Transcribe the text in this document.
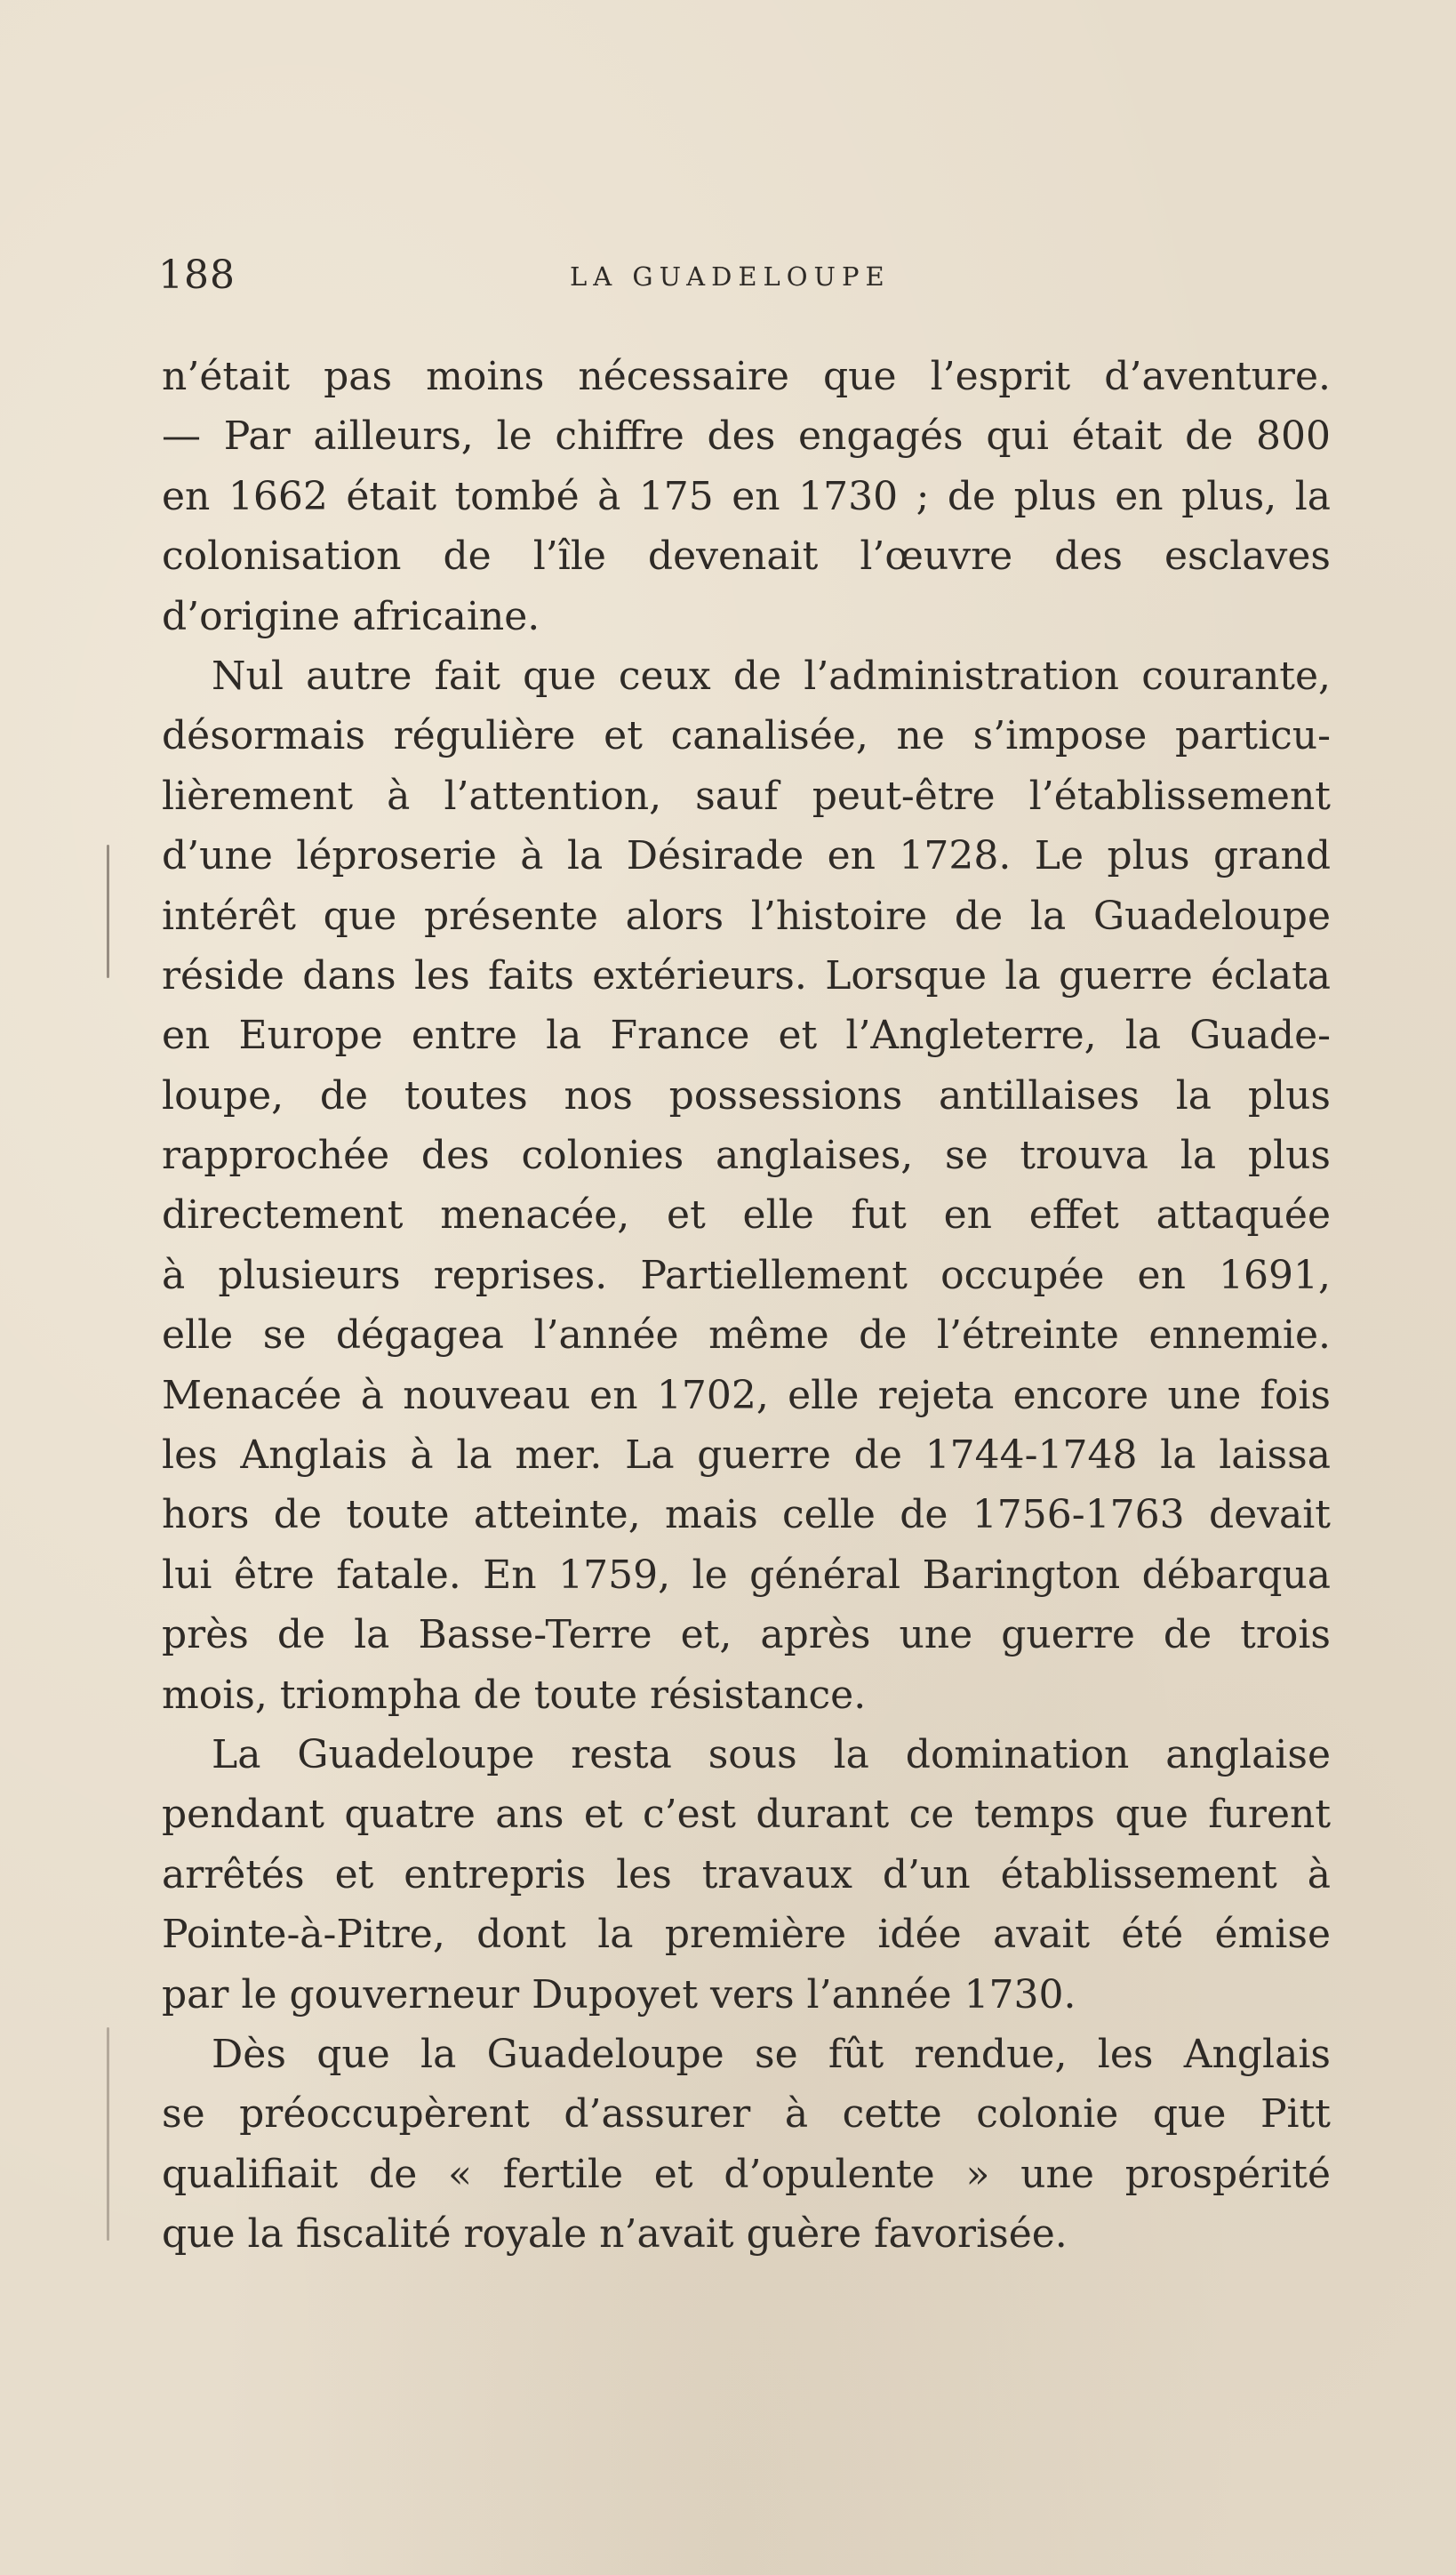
188	LA GUADELOUPE
n’était pas moins nécessaire que l’esprit d’aventure.
— Par ailleurs, le chiffre des engagés qui était de 800
en 1662 était tombé à 175 en 1730 ; de plus en plus, la
colonisation de l’île devenait l’œuvre des esclaves
d’origine africaine.
Nul autre fait que ceux de l’administration courante,
désormais régulière et canalisée, ne s’impose particu-
lièrement à l’attention, sauf peut-être l’établissement
d’une léproserie à la Désirade en 1728. Le plus grand
intérêt que présente alors l’histoire de la Guadeloupe
réside dans les faits extérieurs. Lorsque la guerre éclata
en Europe entre la France et l’Angleterre, la Guade-
loupe, de toutes nos possessions antillaises la plus
rapprochée des colonies anglaises, se trouva la plus
directement menacée, et elle fut en effet attaquée
à plusieurs reprises. Partiellement occupée en 1691,
elle se dégagea l’année même de l’étreinte ennemie.
Menacée à nouveau en 1702, elle rejeta encore une fois
les Anglais à la mer. La guerre de 1744-1748 la laissa
hors de toute atteinte, mais celle de 1756-1763 devait
lui être fatale. En 1759, le général Barington débarqua
près de la Basse-Terre et, après une guerre de trois
mois, triompha de toute résistance.
La Guadeloupe resta sous la domination anglaise
pendant quatre ans et c’est durant ce temps que furent
arrêtés et entrepris les travaux d’un établissement à
Pointe-à-Pitre, dont la première idée avait été émise
par le gouverneur Dupoyet vers l’année 1730.
Dès que la Guadeloupe se fût rendue, les Anglais
se préoccupèrent d’assurer à cette colonie que Pitt
qualifiait de « fertile et d’opulente » une prospérité
que la fiscalité royale n’avait guère favorisée.
